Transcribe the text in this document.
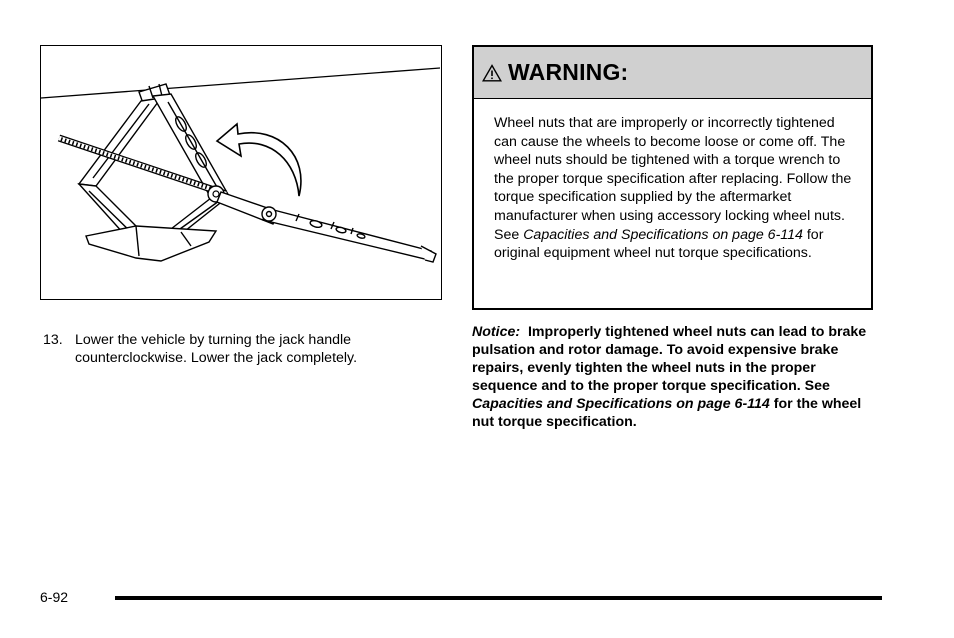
13. Lower the vehicle by turning the jack handle counterclockwise. Lower the jack completely.
WARNING:
Wheel nuts that are improperly or incorrectly tightened can cause the wheels to become loose or come off. The wheel nuts should be tightened with a torque wrench to the proper torque specification after replacing. Follow the torque specification supplied by the aftermarket manufacturer when using accessory locking wheel nuts. See Capacities and Specifications on page 6-114 for original equipment wheel nut torque specifications.
Notice:  Improperly tightened wheel nuts can lead to brake pulsation and rotor damage. To avoid expensive brake repairs, evenly tighten the wheel nuts in the proper sequence and to the proper torque specification. See Capacities and Specifications on page 6-114 for the wheel nut torque specification.
6-92
